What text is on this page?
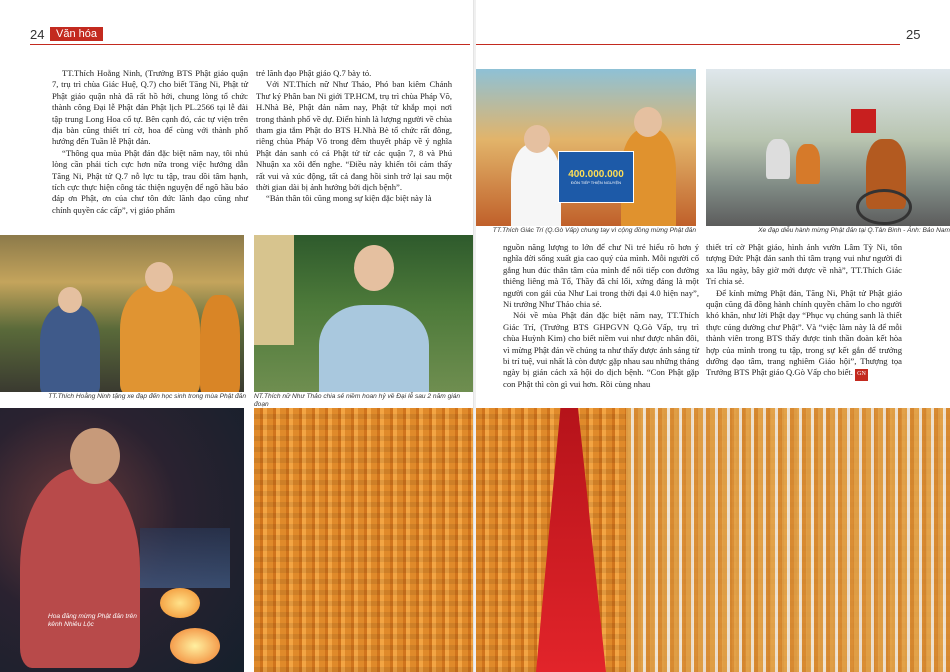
24	Văn hóa

TT.Thích Hoằng Ninh, (Trưởng BTS Phật giáo quận 7, trụ trì chùa Giác Huệ, Q.7) cho biết Tăng Ni, Phật tử Phật giáo quận nhà đã rất hồ hởi, chung lòng tổ chức thành công Đại lễ Phật đản Phật lịch PL.2566 tại lễ đài tập trung Long Hoa cổ tự. Bên cạnh đó, các tự viện trên địa bàn cũng thiết trí cờ, hoa để cùng với thành phố hướng đến Tuần lễ Phật đản.

“Thông qua mùa Phật đản đặc biệt năm nay, tôi nhủ lòng cần phải tích cực hơn nữa trong việc hướng dẫn Tăng Ni, Phật tử Q.7 nỗ lực tu tập, trau dồi tâm hạnh, tích cực thực hiện công tác thiện nguyện để ngõ hầu báo đáp ơn Phật, ơn của chư tôn đức lãnh đạo cũng như chính quyền các cấp”, vị giáo phẩm

trẻ lãnh đạo Phật giáo Q.7 bày tỏ.

Với NT.Thích nữ Như Thảo, Phó ban kiêm Chánh Thư ký Phân ban Ni giới TP.HCM, trụ trì chùa Pháp Võ, H.Nhà Bè, Phật đản năm nay, Phật tử khắp mọi nơi trong thành phố về dự. Điển hình là lượng người về chùa tham gia tắm Phật do BTS H.Nhà Bè tổ chức rất đông, riêng chùa Pháp Võ trong đêm thuyết pháp về ý nghĩa Phật đản sanh có cả Phật tử từ các quận 7, 8 và Phú Nhuận xa xôi đến nghe. “Điều này khiến tôi cảm thấy rất vui và xúc động, tất cả đang hồi sinh trở lại sau một thời gian dài bị ảnh hưởng bởi dịch bệnh”.

“Bản thân tôi cũng mong sự kiện đặc biệt này là

TT.Thích Hoằng Ninh tặng xe đạp đến học sinh trong mùa Phật đản NT.Thích nữ Như Thảo chia sẻ niềm hoan hỷ về Đại lễ sau 2 năm gián đoạn
Hoa đăng mừng Phật đản trên kênh Nhiêu Lộc
25
400.000.000
ĐÓN TIẾP THIỆN NGUYỆN
TT.Thích Giác Trí (Q.Gò Vấp) chung tay vì cộng đồng mừng Phật đản	Xe đạp diễu hành mừng Phật đản tại Q.Tân Bình - Ảnh: Bảo Nam

nguồn năng lượng to lớn để chư Ni trẻ hiểu rõ hơn ý nghĩa đời sống xuất gia cao quý của mình. Mỗi người cố gắng hun đúc thân tâm của mình để nối tiếp con đường thiêng liêng mà Tổ, Thầy đã chỉ lối, xứng đáng là một người con gái của Như Lai trong thời đại 4.0 hiện nay”, Ni trưởng Như Thảo chia sẻ.

Nói về mùa Phật đản đặc biệt năm nay, TT.Thích Giác Trí, (Trưởng BTS GHPGVN Q.Gò Vấp, trụ trì chùa Huỳnh Kim) cho biết niềm vui như được nhân đôi, vì mừng Phật đản về chúng ta như thấy được ánh sáng từ bi trí tuệ, vui nhất là còn được gặp nhau sau những tháng ngày bị gián cách xã hội do dịch bệnh. “Con Phật gặp con Phật thì còn gì vui hơn. Rồi cùng nhau

thiết trí cờ Phật giáo, hình ảnh vườn Lâm Tỳ Ni, tôn tượng Đức Phật đản sanh thì tâm trạng vui như người đi xa lâu ngày, bây giờ mới được về nhà”, TT.Thích Giác Trí chia sẻ.

Để kính mừng Phật đản, Tăng Ni, Phật tử Phật giáo quận cũng đã đồng hành chính quyền chăm lo cho người khó khăn, như lời Phật dạy “Phục vụ chúng sanh là thiết thực cúng dường chư Phật”. Và “việc làm này là để mỗi thành viên trong BTS thấy được tinh thần đoàn kết hòa hợp của mình trong tu tập, trong sự kết gắn để trưởng dưỡng đạo tâm, trang nghiêm Giáo hội”, Thượng tọa Trưởng BTS Phật giáo Q.Gò Vấp cho biết. GN
